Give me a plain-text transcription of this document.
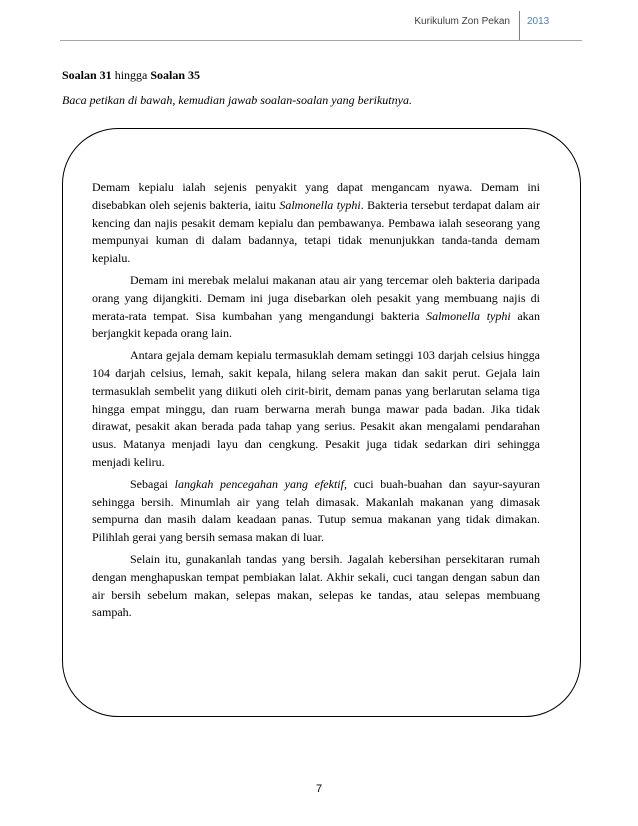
Kurikulum Zon Pekan 2013
Soalan 31 hingga Soalan 35
Baca petikan di bawah, kemudian jawab soalan-soalan yang berikutnya.

Demam kepialu ialah sejenis penyakit yang dapat mengancam nyawa. Demam ini disebabkan oleh sejenis bakteria, iaitu Salmonella typhi. Bakteria tersebut terdapat dalam air kencing dan najis pesakit demam kepialu dan pembawanya. Pembawa ialah seseorang yang mempunyai kuman di dalam badannya, tetapi tidak menunjukkan tanda-tanda demam kepialu.

Demam ini merebak melalui makanan atau air yang tercemar oleh bakteria daripada orang yang dijangkiti. Demam ini juga disebarkan oleh pesakit yang membuang najis di merata-rata tempat. Sisa kumbahan yang mengandungi bakteria Salmonella typhi akan berjangkit kepada orang lain.

Antara gejala demam kepialu termasuklah demam setinggi 103 darjah celsius hingga 104 darjah celsius, lemah, sakit kepala, hilang selera makan dan sakit perut. Gejala lain termasuklah sembelit yang diikuti oleh cirit-birit, demam panas yang berlarutan selama tiga hingga empat minggu, dan ruam berwarna merah bunga mawar pada badan. Jika tidak dirawat, pesakit akan berada pada tahap yang serius. Pesakit akan mengalami pendarahan usus. Matanya menjadi layu dan cengkung. Pesakit juga tidak sedarkan diri sehingga menjadi keliru.

Sebagai langkah pencegahan yang efektif, cuci buah-buahan dan sayur-sayuran sehingga bersih. Minumlah air yang telah dimasak. Makanlah makanan yang dimasak sempurna dan masih dalam keadaan panas. Tutup semua makanan yang tidak dimakan. Pilihlah gerai yang bersih semasa makan di luar.

Selain itu, gunakanlah tandas yang bersih. Jagalah kebersihan persekitaran rumah dengan menghapuskan tempat pembiakan lalat. Akhir sekali, cuci tangan dengan sabun dan air bersih sebelum makan, selepas makan, selepas ke tandas, atau selepas membuang sampah.

7
